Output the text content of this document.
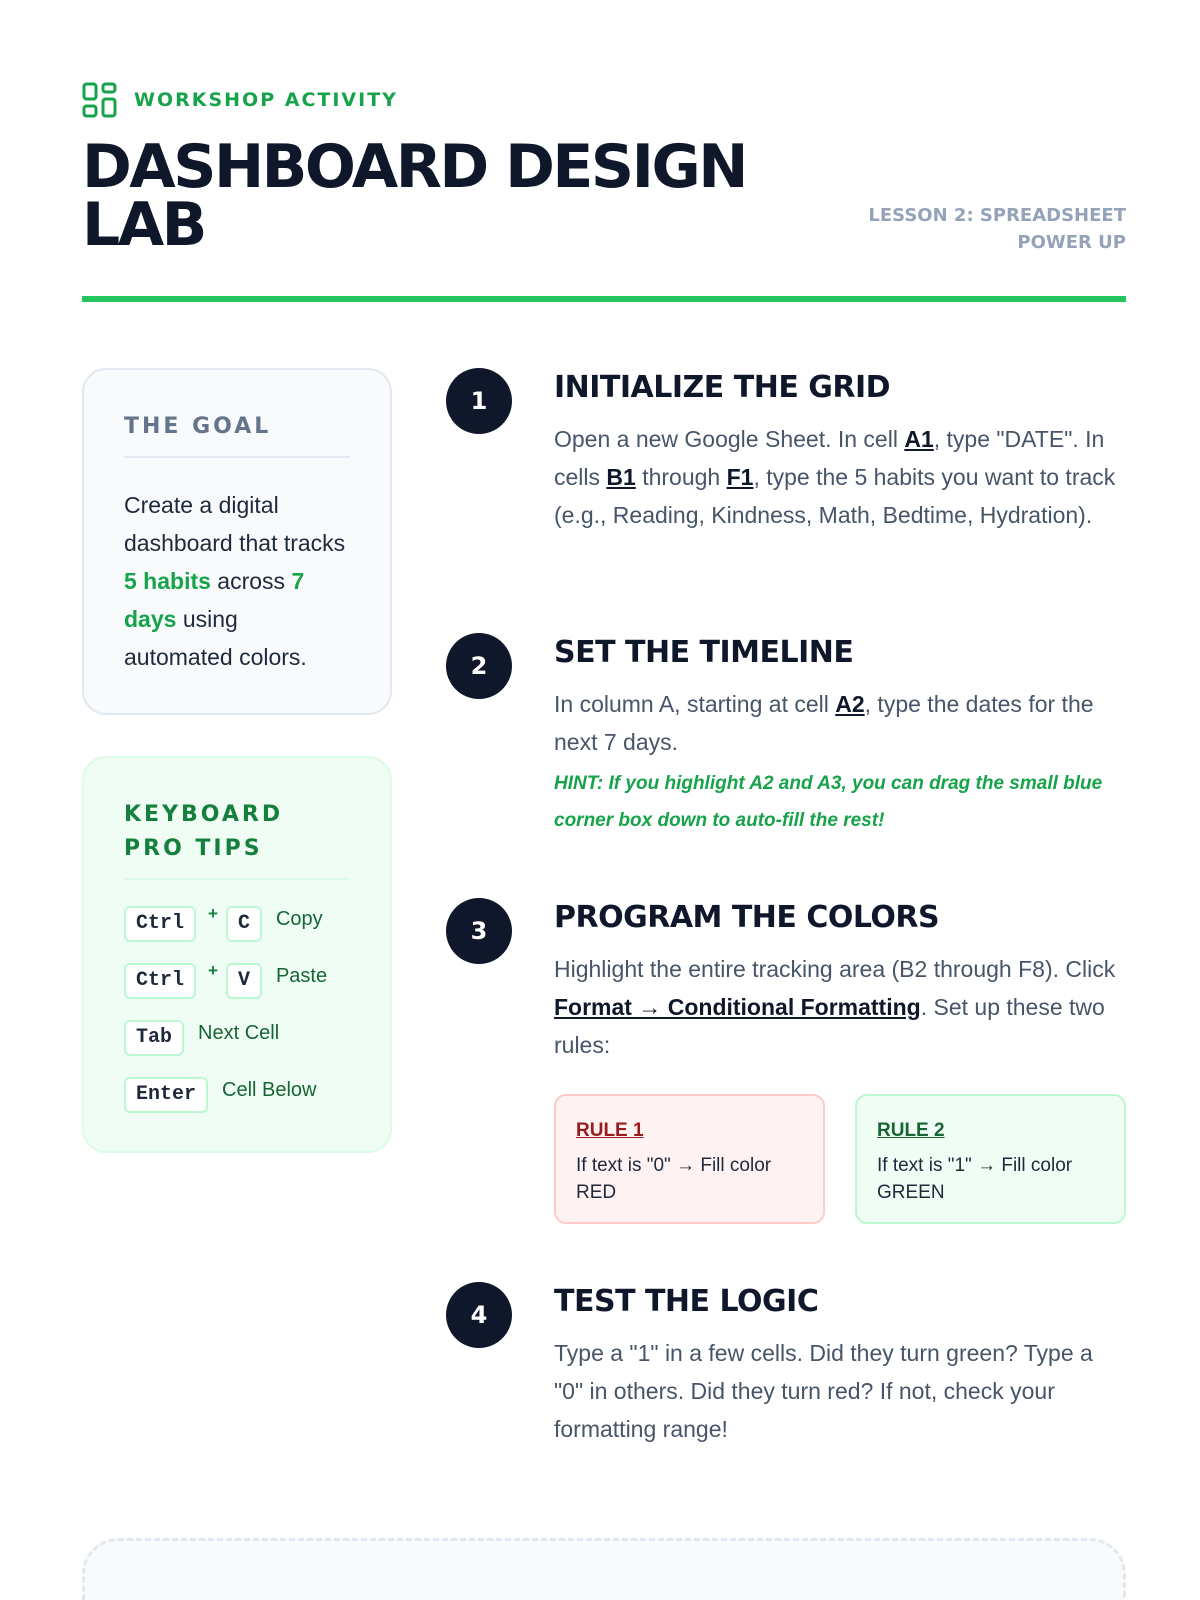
WORKSHOP ACTIVITY
DASHBOARD DESIGN
LAB	LESSON 2: SPREADSHEET
POWER UP
THE GOAL

Create a digital dashboard that tracks 5 habits across 7 days using automated colors.

KEYBOARD
PRO TIPS
Ctrl	+	C	Copy
Ctrl	+	V	Paste
Tab	Next Cell
Enter	Cell Below
1	INITIALIZE THE GRID

Open a new Google Sheet. In cell A1, type "DATE". In cells B1 through F1, type the 5 habits you want to track (e.g., Reading, Kindness, Math, Bedtime, Hydration).

2	SET THE TIMELINE

In column A, starting at cell A2, type the dates for the next 7 days.

HINT: If you highlight A2 and A3, you can drag the small blue corner box down to auto-fill the rest!

3	PROGRAM THE COLORS

Highlight the entire tracking area (B2 through F8). Click Format → Conditional Formatting. Set up these two rules:

RULE 1
If text is "0" → Fill color RED
RULE 2
If text is "1" → Fill color GREEN
4	TEST THE LOGIC

Type a "1" in a few cells. Did they turn green? Type a "0" in others. Did they turn red? If not, check your formatting range!
